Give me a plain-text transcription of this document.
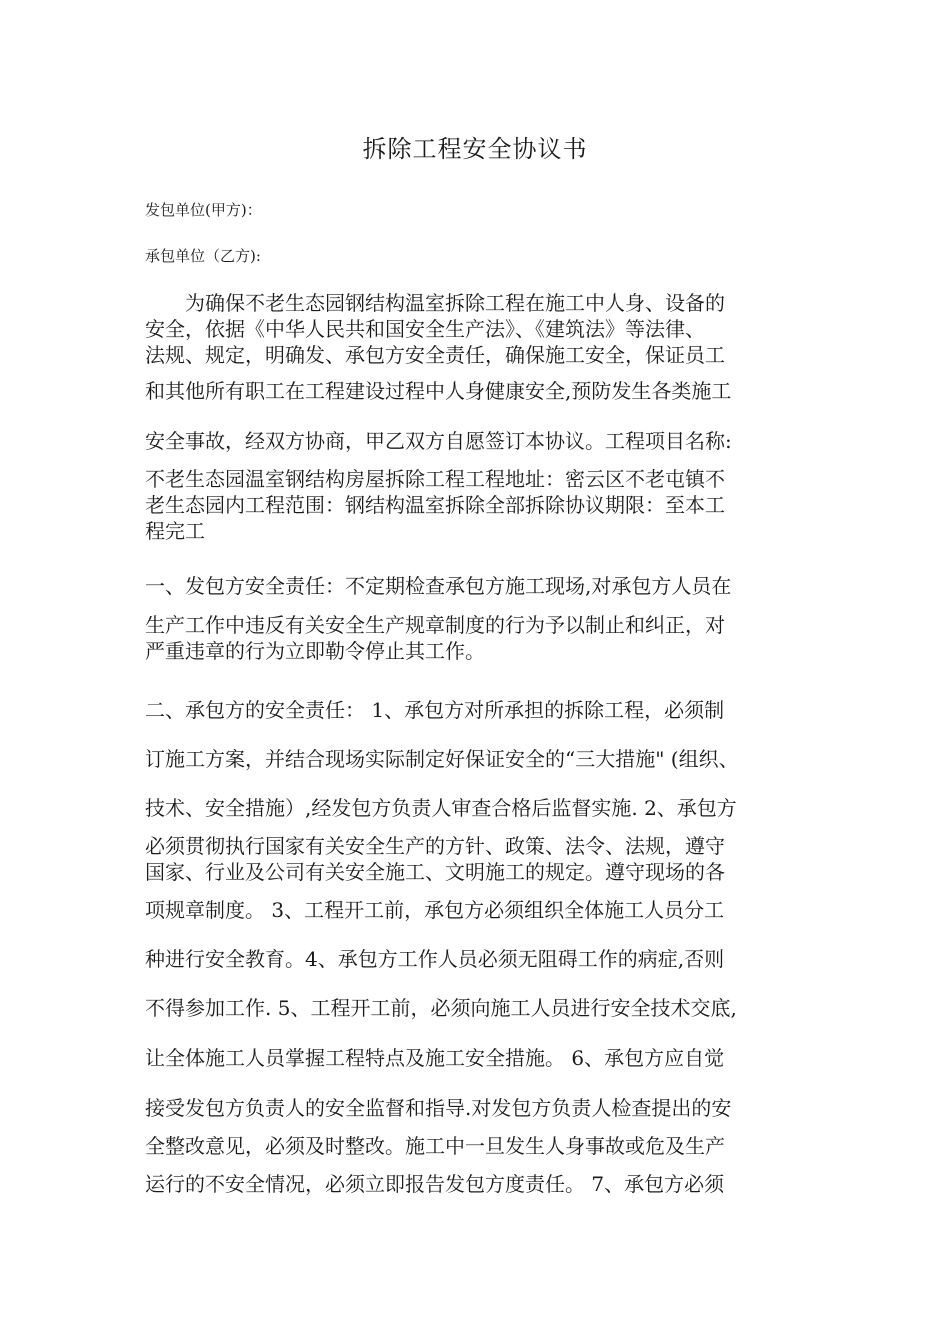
拆除工程安全协议书
发包单位(甲方)：
承包单位（乙方):
　　为确保不老生态园钢结构温室拆除工程在施工中人身、设备的
安全，依据《中华人民共和国安全生产法》、《建筑法》等法律、
法规、规定，明确发、承包方安全责任，确保施工安全，保证员工
和其他所有职工在工程建设过程中人身健康安全,预防发生各类施工
安全事故，经双方协商，甲乙双方自愿签订本协议。工程项目名称:
不老生态园温室钢结构房屋拆除工程工程地址：密云区不老屯镇不
老生态园内工程范围：钢结构温室拆除全部拆除协议期限：至本工
程完工
一、发包方安全责任：不定期检查承包方施工现场,对承包方人员在
生产工作中违反有关安全生产规章制度的行为予以制止和纠正，对
严重违章的行为立即勒令停止其工作。
二、承包方的安全责任： 1、承包方对所承担的拆除工程，必须制
订施工方案，并结合现场实际制定好保证安全的“三大措施" (组织、
技术、安全措施）,经发包方负责人审查合格后监督实施. 2、承包方
必须贯彻执行国家有关安全生产的方针、政策、法令、法规，遵守
国家、行业及公司有关安全施工、文明施工的规定。遵守现场的各
项规章制度。 3、工程开工前，承包方必须组织全体施工人员分工
种进行安全教育。4、承包方工作人员必须无阻碍工作的病症,否则
不得参加工作. 5、工程开工前，必须向施工人员进行安全技术交底,
让全体施工人员掌握工程特点及施工安全措施。 6、承包方应自觉
接受发包方负责人的安全监督和指导.对发包方负责人检查提出的安
全整改意见，必须及时整改。施工中一旦发生人身事故或危及生产
运行的不安全情况，必须立即报告发包方度责任。 7、承包方必须
